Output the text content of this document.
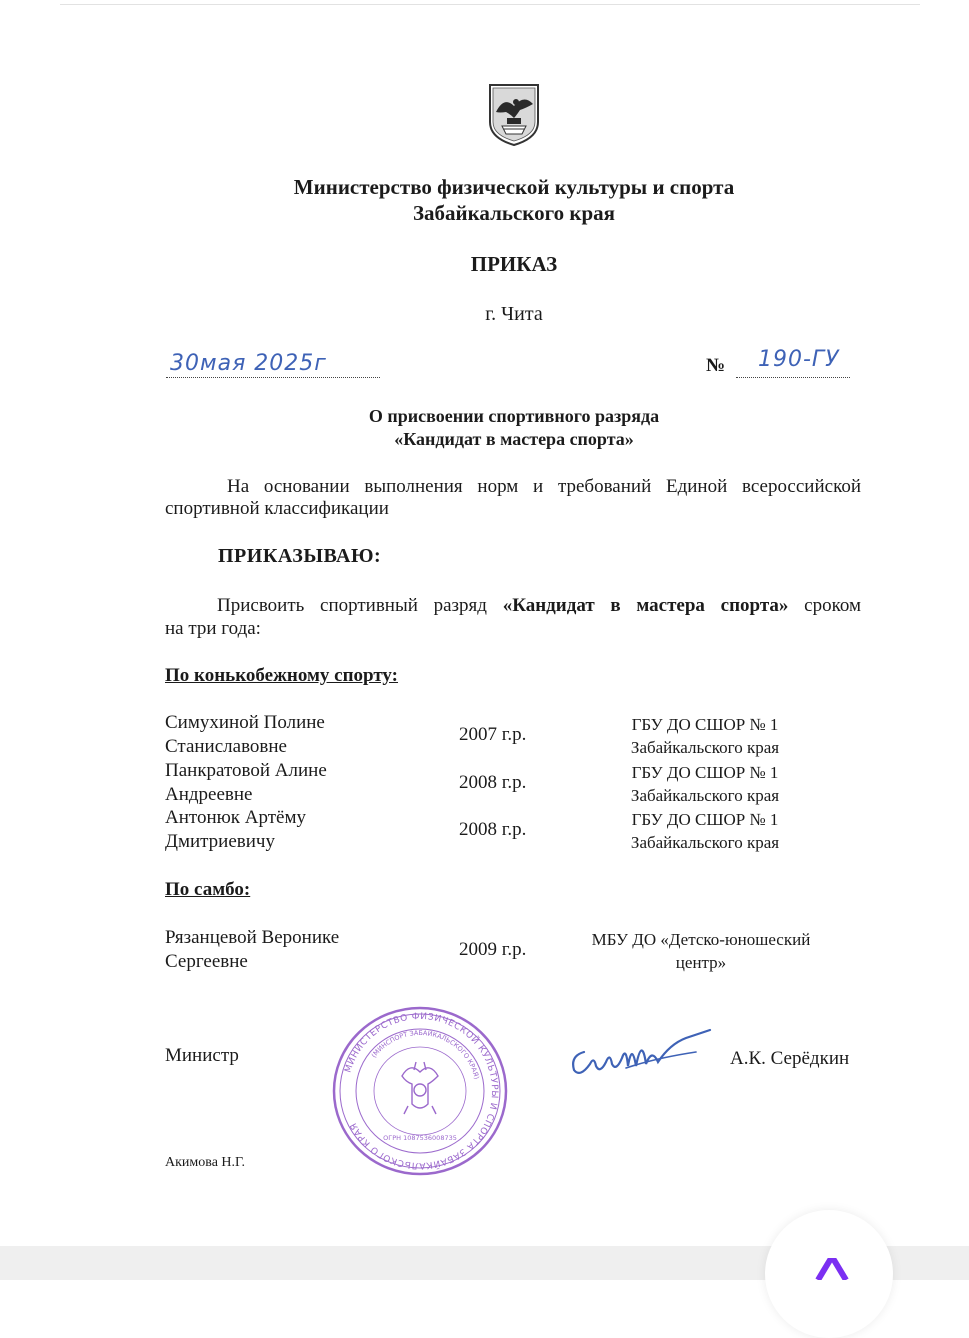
Министерство физической культуры и спорта
Забайкальского края
ПРИКАЗ
г. Чита
30мая 2025г	№ 190-ГУ
О присвоении спортивного разряда
«Кандидат в мастера спорта»
На основании выполнения норм и требований Единой всероссийской
спортивной классификации
ПРИКАЗЫВАЮ:
Присвоить спортивный разряд «Кандидат в мастера спорта» сроком
на три года:
По конькобежному спорту:
Симухиной Полине
Станиславовне
2007 г.р.	ГБУ ДО СШОР № 1
Забайкальского края
Панкратовой Алине
Андреевне
2008 г.р.	ГБУ ДО СШОР № 1
Забайкальского края
Антонюк Артёму
Дмитриевичу
2008 г.р.	ГБУ ДО СШОР № 1
Забайкальского края
По самбо:
Рязанцевой Веронике
Сергеевне
2009 г.р.	МБУ ДО «Детско-юношеский
центр»
Министр
МИНИСТЕРСТВО ФИЗИЧЕСКОЙ КУЛЬТУРЫ И СПОРТА ЗАБАЙКАЛЬСКОГО КРАЯ
(МИНСПОРТ ЗАБАЙКАЛЬСКОГО КРАЯ)
ОГРН 1087536008735
А.К. Серёдкин
Акимова Н.Г.
